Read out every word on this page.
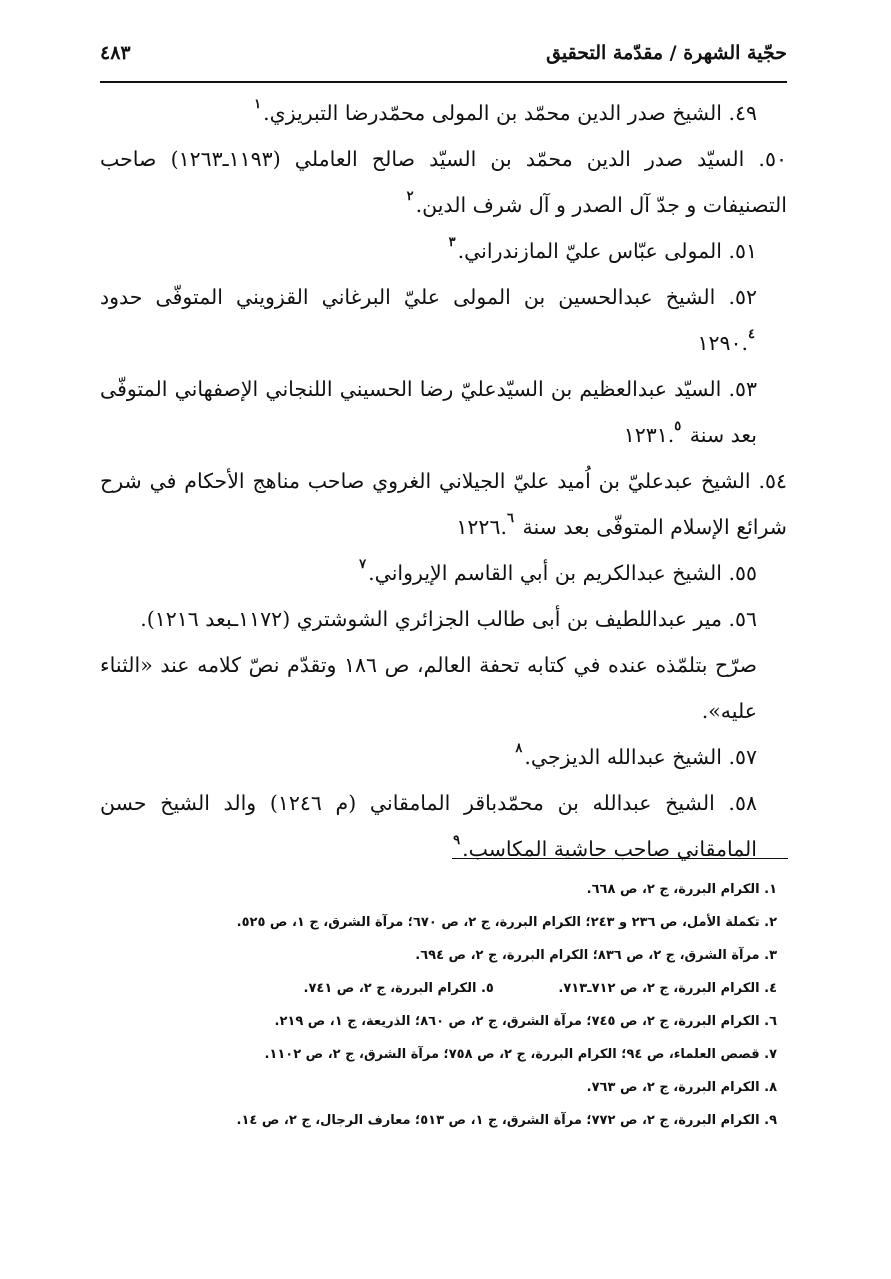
حجّية الشهرة / مقدّمة التحقيق
٤٨٣

٤٩. الشيخ صدر الدين محمّد بن المولى محمّدرضا التبريزي.$^١$

٥٠. السيّد صدر الدين محمّد بن السيّد صالح العاملي (١١٩٣ـ١٢٦٣) صاحب التصنيفات و جدّ آل الصدر و آل شرف الدين.$^٢$

٥١. المولى عبّاس عليّ المازندراني.$^٣$

٥٢. الشيخ عبدالحسين بن المولى عليّ البرغاني القزويني المتوفّى حدود ١٢٩٠.$^٤$

٥٣. السيّد عبدالعظيم بن السيّدعليّ رضا الحسيني اللنجاني الإصفهاني المتوفّى بعد سنة ١٢٣١.$^٥$

٥٤. الشيخ عبدعليّ بن اُميد عليّ الجيلاني الغروي صاحب مناهج الأحكام في شرح شرائع الإسلام المتوفّى بعد سنة ١٢٢٦.$^٦$

٥٥. الشيخ عبدالكريم بن أبي القاسم الإيرواني.$^٧$

٥٦. مير عبداللطيف بن أبى طالب الجزائري الشوشتري (١١٧٢ـبعد ١٢١٦).

صرّح بتلمّذه عنده في كتابه تحفة العالم، ص ١٨٦ وتقدّم نصّ كلامه عند «الثناء عليه».

٥٧. الشيخ عبدالله الديزجي.$^٨$

٥٨. الشيخ عبدالله بن محمّدباقر المامقاني (م ١٢٤٦) والد الشيخ حسن المامقاني صاحب حاشية المكاسب.$^٩$

١. الكرام البررة، ج ٢، ص ٦٦٨.
٢. تكملة الأمل، ص ٢٣٦ و ٢٤٣؛ الكرام البررة، ج ٢، ص ٦٧٠؛ مرآة الشرق، ج ١، ص ٥٢٥.
٣. مرآة الشرق، ج ٢، ص ٨٣٦؛ الكرام البررة، ج ٢، ص ٦٩٤.
٤. الكرام البررة، ج ٢، ص ٧١٢ـ٧١٣. ٥. الكرام البررة، ج ٢، ص ٧٤١.
٦. الكرام البررة، ج ٢، ص ٧٤٥؛ مرآة الشرق، ج ٢، ص ٨٦٠؛ الذريعة، ج ١، ص ٢١٩.
٧. قصص العلماء، ص ٩٤؛ الكرام البررة، ج ٢، ص ٧٥٨؛ مرآة الشرق، ج ٢، ص ١١٠٢.
٨. الكرام البررة، ج ٢، ص ٧٦٣.
٩. الكرام البررة، ج ٢، ص ٧٧٢؛ مرآة الشرق، ج ١، ص ٥١٣؛ معارف الرجال، ج ٢، ص ١٤.
